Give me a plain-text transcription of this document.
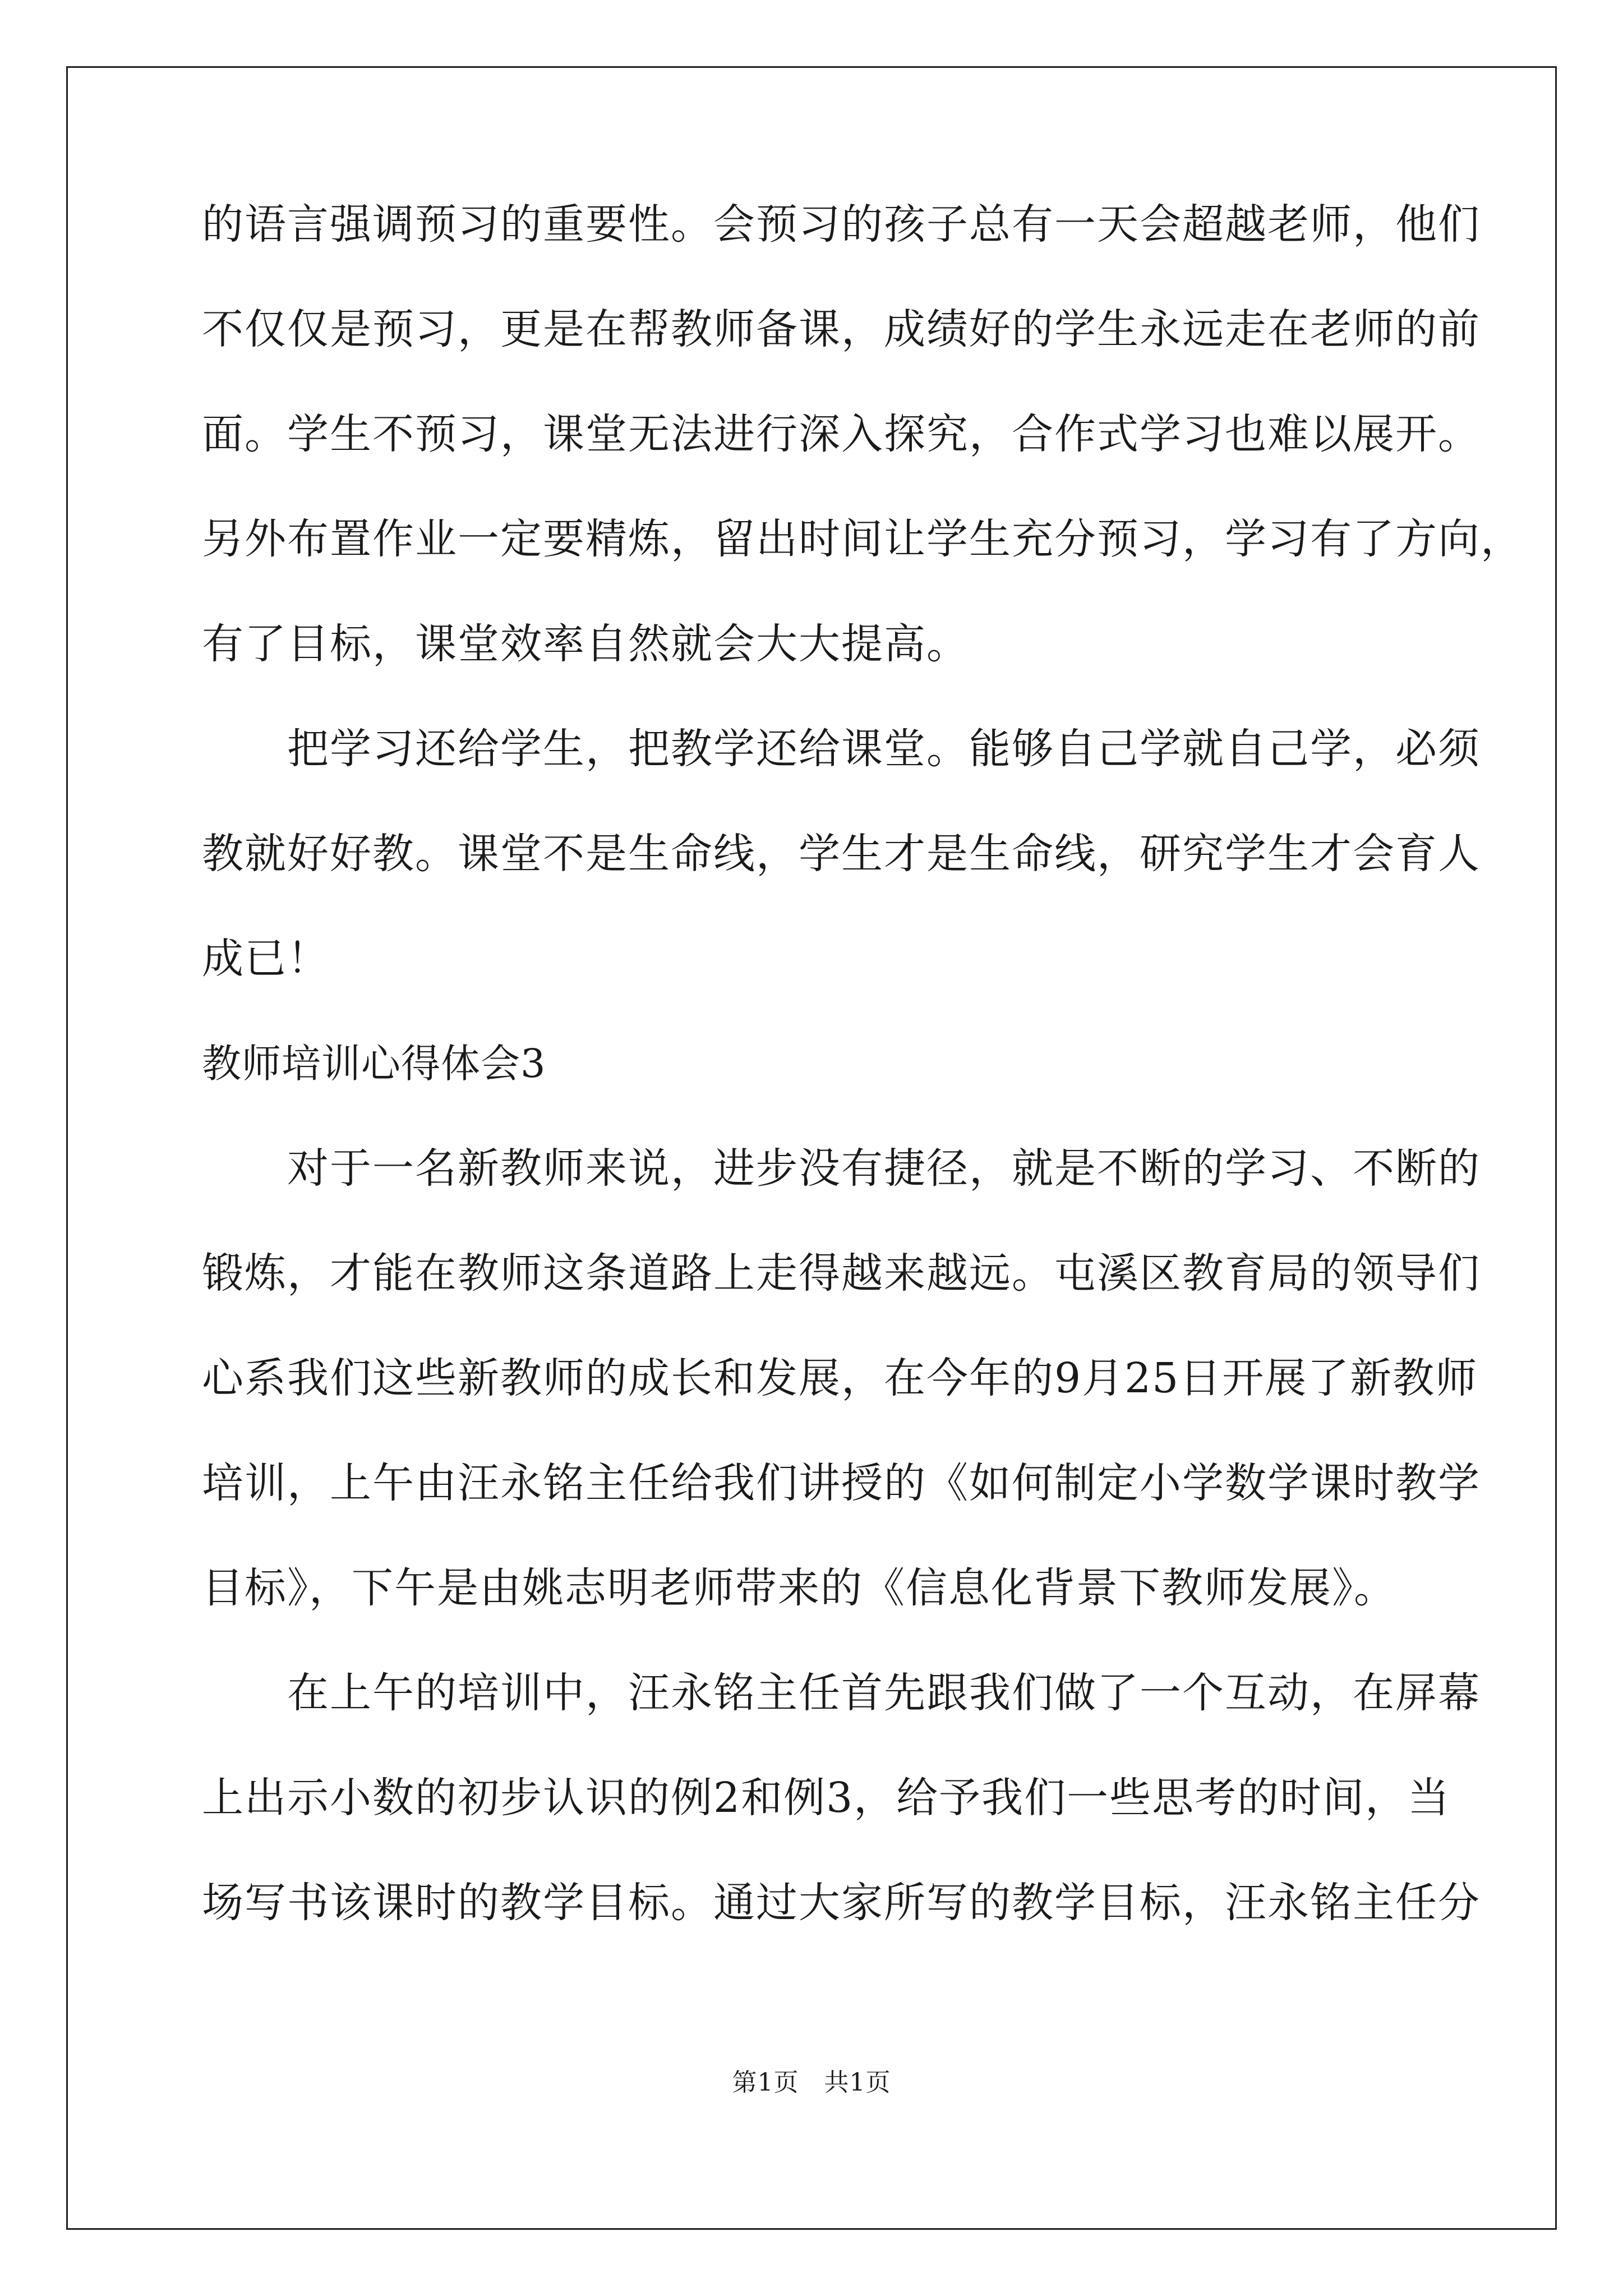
的语言强调预习的重要性。会预习的孩子总有一天会超越老师，他们
不仅仅是预习，更是在帮教师备课，成绩好的学生永远走在老师的前
面。学生不预习，课堂无法进行深入探究，合作式学习也难以展开。
另外布置作业一定要精炼，留出时间让学生充分预习，学习有了方向，
有了目标，课堂效率自然就会大大提高。
　　把学习还给学生，把教学还给课堂。能够自己学就自己学，必须
教就好好教。课堂不是生命线，学生才是生命线，研究学生才会育人
成已！
教师培训心得体会3
　　对于一名新教师来说，进步没有捷径，就是不断的学习、不断的
锻炼，才能在教师这条道路上走得越来越远。屯溪区教育局的领导们
心系我们这些新教师的成长和发展，在今年的9月25日开展了新教师
培训，上午由汪永铭主任给我们讲授的《如何制定小学数学课时教学
目标》，下午是由姚志明老师带来的《信息化背景下教师发展》。
　　在上午的培训中，汪永铭主任首先跟我们做了一个互动，在屏幕
上出示小数的初步认识的例2和例3，给予我们一些思考的时间，当
场写书该课时的教学目标。通过大家所写的教学目标，汪永铭主任分
第1页　共1页
